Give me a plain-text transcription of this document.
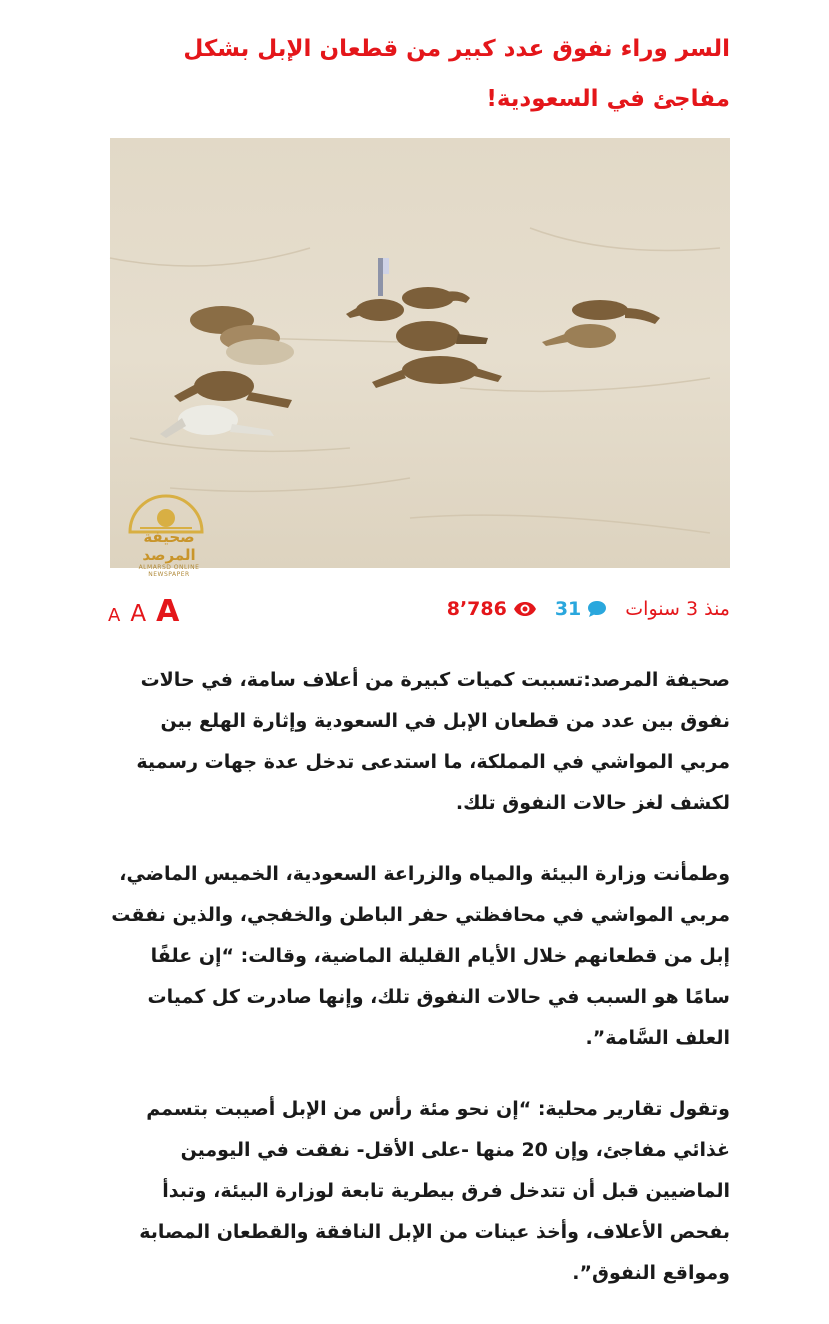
السر وراء نفوق عدد كبير من قطعان الإبل بشكل مفاجئ في السعودية!
صحيفة المرصد
ALMARSD ONLINE NEWSPAPER
A A A	منذ 3 سنوات
31
8٬786

صحيفة المرصد:تسببت كميات كبيرة من أعلاف سامة، في حالات نفوق بين عدد من قطعان الإبل في السعودية وإثارة الهلع بين مربي المواشي في المملكة، ما استدعى تدخل عدة جهات رسمية لكشف لغز حالات النفوق تلك.

وطمأنت وزارة البيئة والمياه والزراعة السعودية، الخميس الماضي، مربي المواشي في محافظتي حفر الباطن والخفجي، والذين نفقت إبل من قطعانهم خلال الأيام القليلة الماضية، وقالت: “إن علفًا سامًا هو السبب في حالات النفوق تلك، وإنها صادرت كل كميات العلف السَّامة”.

وتقول تقارير محلية: “إن نحو مئة رأس من الإبل أصيبت بتسمم غذائي مفاجئ، وإن 20 منها -على الأقل- نفقت في اليومين الماضيين قبل أن تتدخل فرق بيطرية تابعة لوزارة البيئة، وتبدأ بفحص الأعلاف، وأخذ عينات من الإبل النافقة والقطعان المصابة ومواقع النفوق”.
